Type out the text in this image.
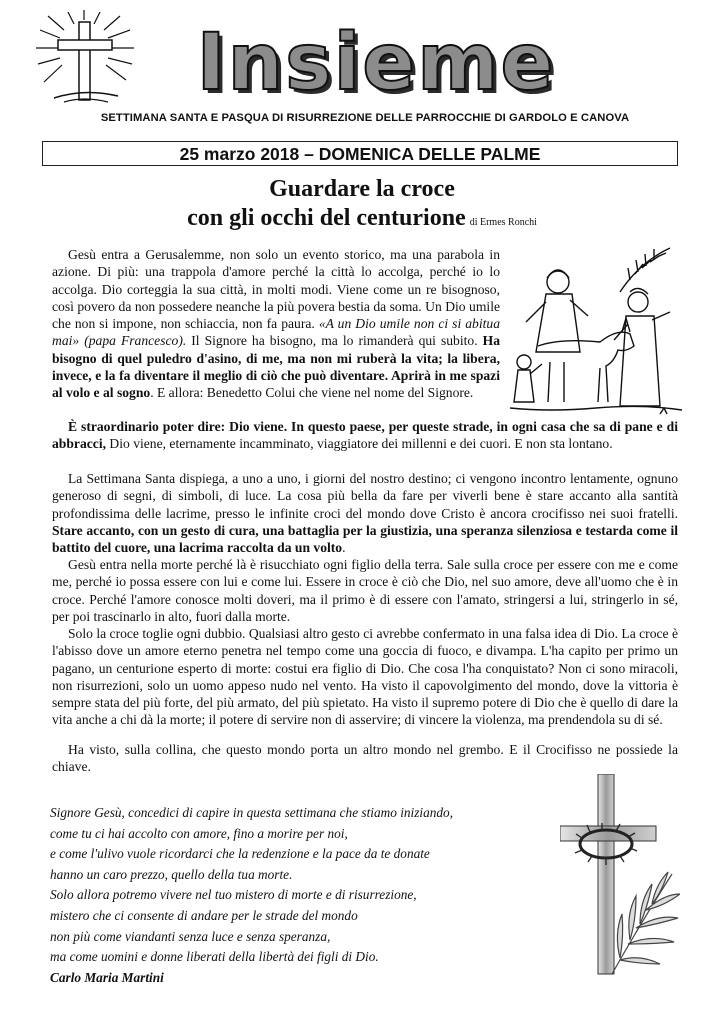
Insieme
SETTIMANA SANTA E PASQUA DI RISURREZIONE DELLE PARROCCHIE DI GARDOLO E CANOVA
25 marzo 2018 – DOMENICA DELLE PALME
Guardare la croce
con gli occhi del centurione di Ermes Ronchi
Gesù entra a Gerusalemme, non solo un evento storico, ma una parabola in azione. Di più: una trappola d'amore perché la città lo accolga, perché io lo accolga. Dio corteggia la sua città, in molti modi. Viene come un re bisognoso, così povero da non possedere neanche la più povera bestia da soma. Un Dio umile che non si impone, non schiaccia, non fa paura. «A un Dio umile non ci si abitua mai» (papa Francesco). Il Signore ha bisogno, ma lo rimanderà qui subito. Ha bisogno di quel puledro d'asino, di me, ma non mi ruberà la vita; la libera, invece, e la fa diventare il meglio di ciò che può diventare. Aprirà in me spazi al volo e al sogno. E allora: Benedetto Colui che viene nel nome del Signore.
È straordinario poter dire: Dio viene. In questo paese, per queste strade, in ogni casa che sa di pane e di abbracci, Dio viene, eternamente incamminato, viaggiatore dei millenni e dei cuori. E non sta lontano.
La Settimana Santa dispiega, a uno a uno, i giorni del nostro destino; ci vengono incontro lentamente, ognuno generoso di segni, di simboli, di luce. La cosa più bella da fare per viverli bene è stare accanto alla santità profondissima delle lacrime, presso le infinite croci del mondo dove Cristo è ancora crocifisso nei suoi fratelli. Stare accanto, con un gesto di cura, una battaglia per la giustizia, una speranza silenziosa e testarda come il battito del cuore, una lacrima raccolta da un volto.
Gesù entra nella morte perché là è risucchiato ogni figlio della terra. Sale sulla croce per essere con me e come me, perché io possa essere con lui e come lui. Essere in croce è ciò che Dio, nel suo amore, deve all'uomo che è in croce. Perché l'amore conosce molti doveri, ma il primo è di essere con l'amato, stringersi a lui, stringerlo in sé, per poi trascinarlo in alto, fuori dalla morte.
Solo la croce toglie ogni dubbio. Qualsiasi altro gesto ci avrebbe confermato in una falsa idea di Dio. La croce è l'abisso dove un amore eterno penetra nel tempo come una goccia di fuoco, e divampa. L'ha capito per primo un pagano, un centurione esperto di morte: costui era figlio di Dio. Che cosa l'ha conquistato? Non ci sono miracoli, non risurrezioni, solo un uomo appeso nudo nel vento. Ha visto il capovolgimento del mondo, dove la vittoria è sempre stata del più forte, del più armato, del più spietato. Ha visto il supremo potere di Dio che è quello di dare la vita anche a chi dà la morte; il potere di servire non di asservire; di vincere la violenza, ma prendendola su di sé.
Ha visto, sulla collina, che questo mondo porta un altro mondo nel grembo. E il Crocifisso ne possiede la chiave.
Signore Gesù, concedici di capire in questa settimana che stiamo iniziando,
come tu ci hai accolto con amore, fino a morire per noi,
e come l'ulivo vuole ricordarci che la redenzione e la pace da te donate
hanno un caro prezzo, quello della tua morte.
Solo allora potremo vivere nel tuo mistero di morte e di risurrezione,
mistero che ci consente di andare per le strade del mondo
non più come viandanti senza luce e senza speranza,
ma come uomini e donne liberati della libertà dei figli di Dio.
Carlo Maria Martini
